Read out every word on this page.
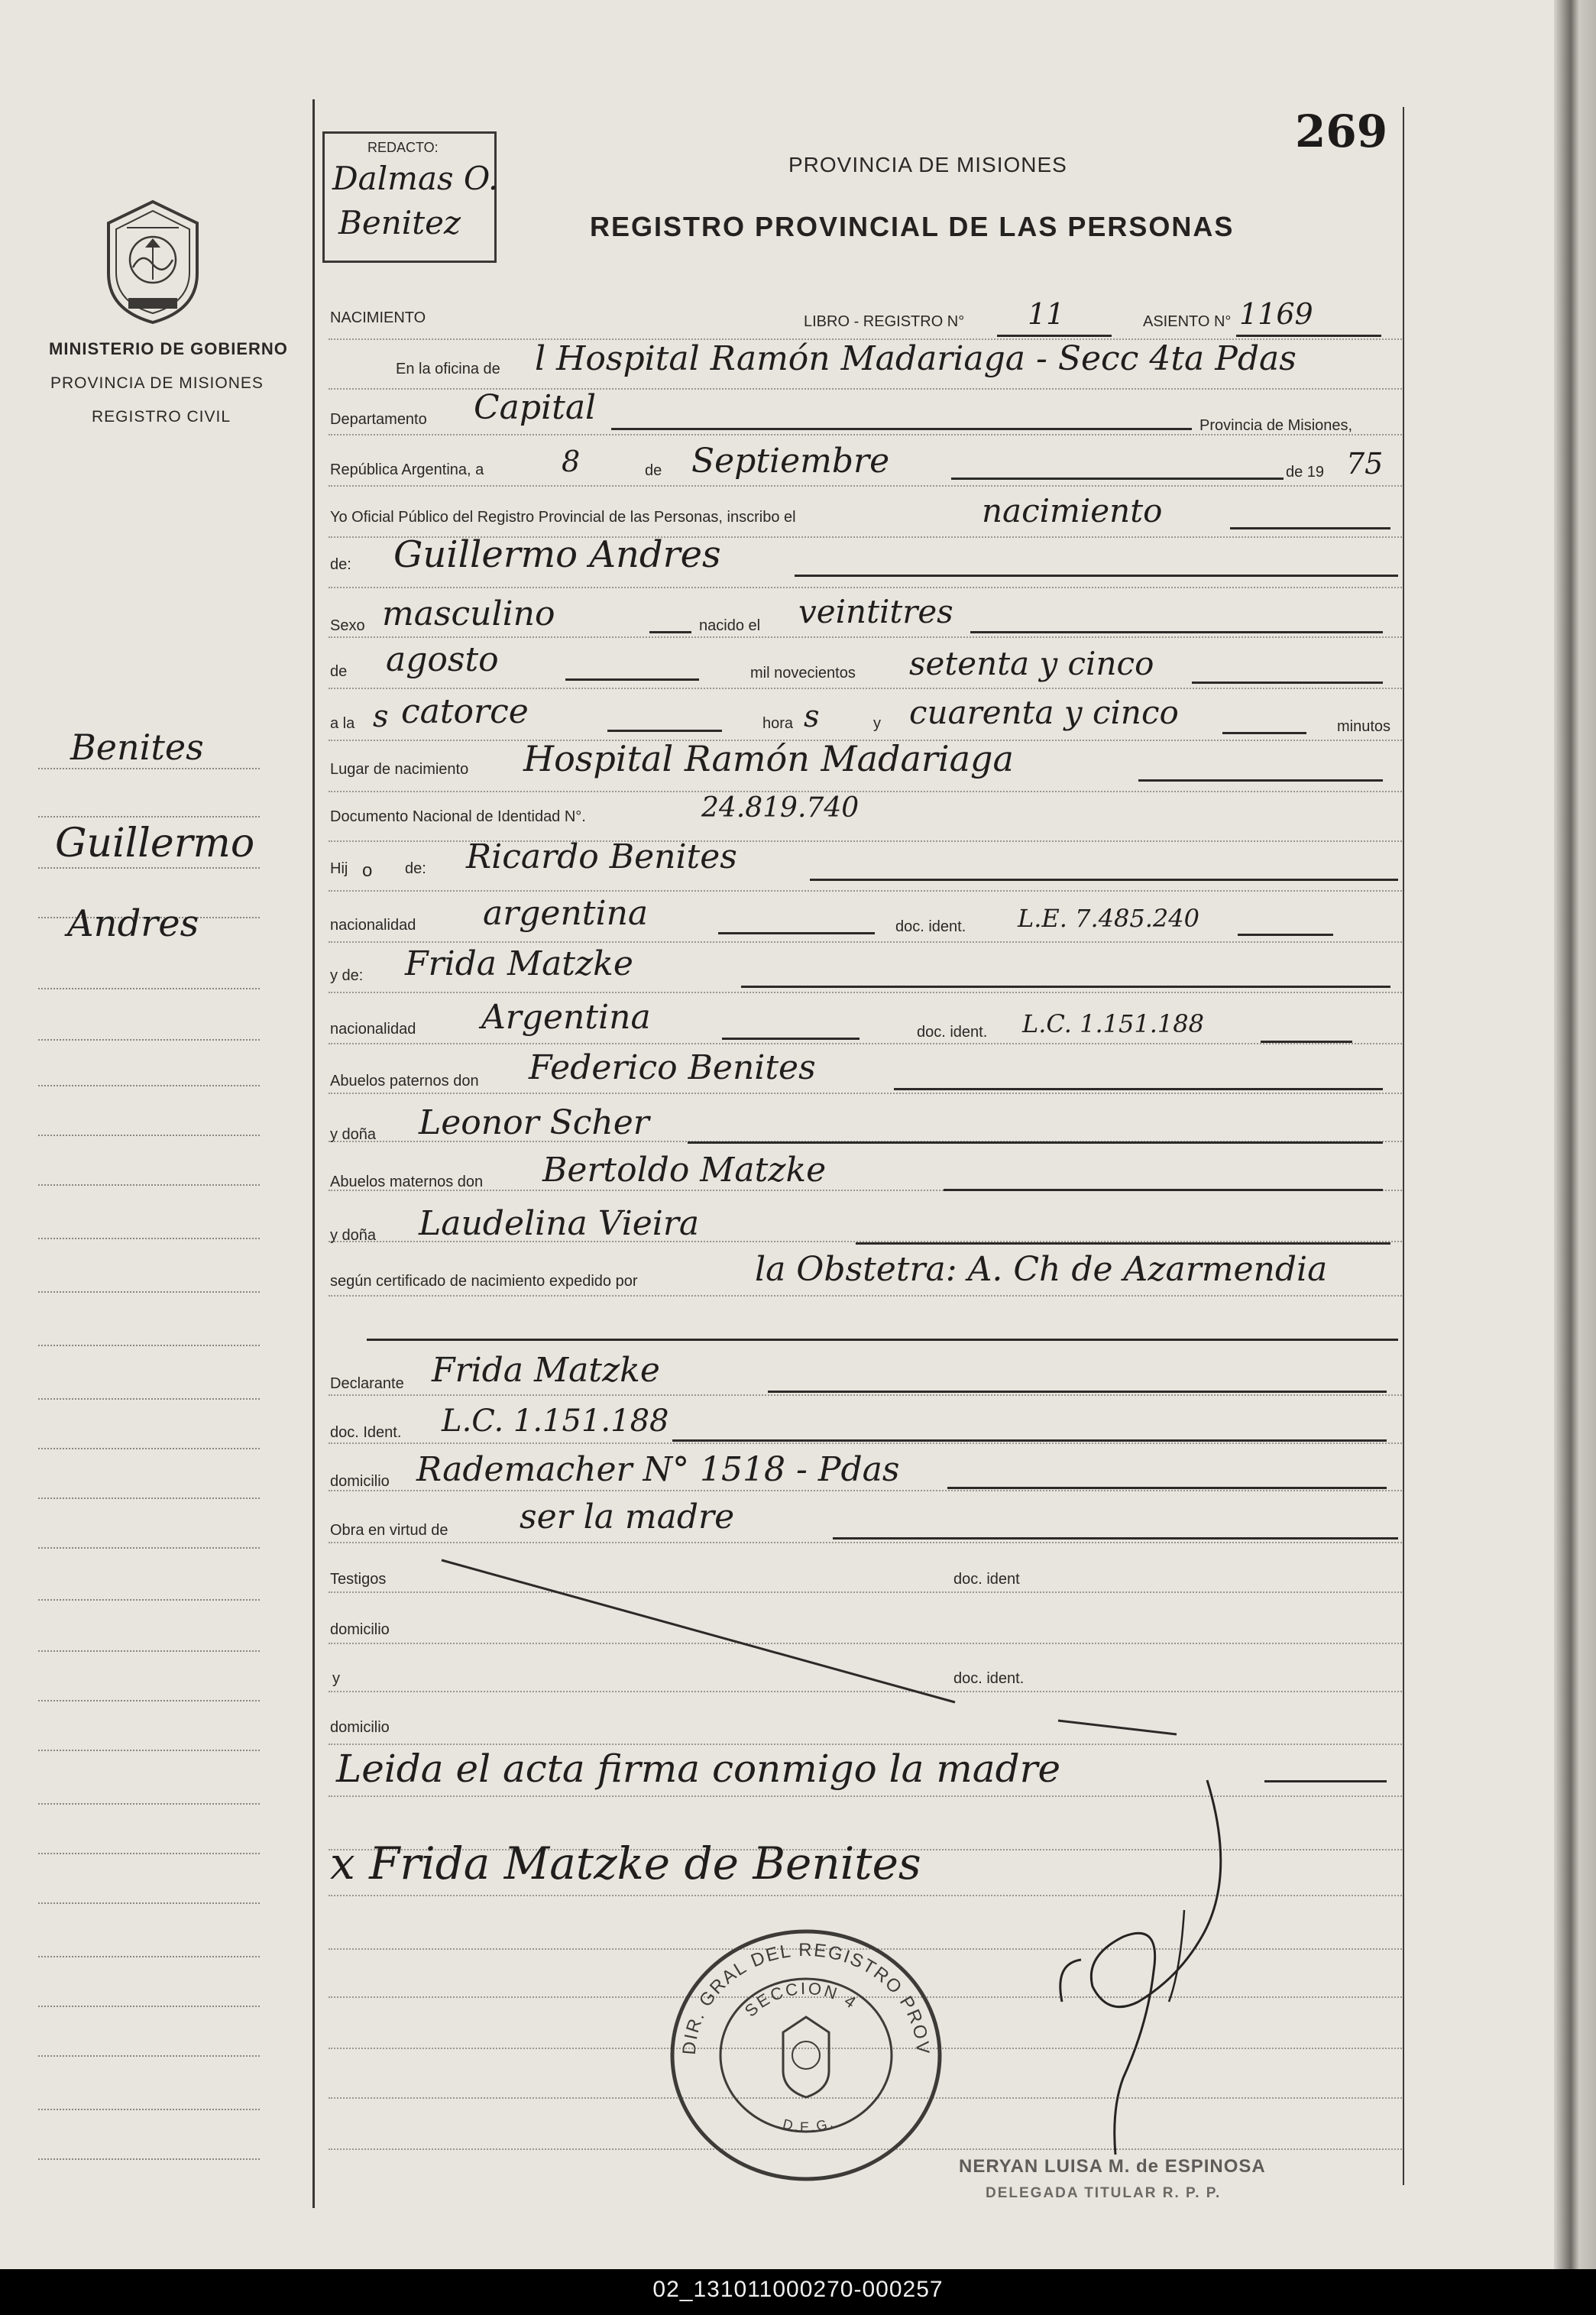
269
REDACTO:
Dalmas O.
Benitez
MINISTERIO DE GOBIERNO
PROVINCIA DE MISIONES
REGISTRO CIVIL
PROVINCIA DE MISIONES
REGISTRO PROVINCIAL DE LAS PERSONAS
Benites
Guillermo
Andres
NACIMIENTO	LIBRO - REGISTRO N° 11	ASIENTO N° 1169
En la oficina de l Hospital Ramón Madariaga - Secc 4ta Pdas
Departamento Capital	Provincia de Misiones,
República Argentina, a	8	de Septiembre	de 19 75
Yo Oficial Público del Registro Provincial de las Personas, inscribo el	nacimiento
de: Guillermo Andres
Sexo masculino	nacido el veintitres
de agosto	mil novecientos setenta y cinco
a la s catorce	hora s	y cuarenta y cinco	minutos
Lugar de nacimiento Hospital Ramón Madariaga
Documento Nacional de Identidad N°.	24.819.740
Hij o de: Ricardo Benites
nacionalidad argentina	doc. ident. L.E. 7.485.240
y de: Frida Matzke
nacionalidad Argentina	doc. ident. L.C. 1.151.188
Abuelos paternos don Federico Benites
y doña Leonor Scher
Abuelos maternos don Bertoldo Matzke
y doña Laudelina Vieira
según certificado de nacimiento expedido por	la Obstetra: A. Ch de Azarmendia
Declarante Frida Matzke
doc. Ident. L.C. 1.151.188
domicilio Rademacher N° 1518 - Pdas
Obra en virtud de ser la madre
Testigos	doc. ident
domicilio
y	doc. ident.
domicilio
Leida el acta firma conmigo la madre
x Frida Matzke de Benites
DIR. GRAL DEL REGISTRO PROV
SECCION 4
D.E.G.
NERYAN LUISA M. de ESPINOSA
DELEGADA TITULAR R. P. P.
02_131011000270-000257
